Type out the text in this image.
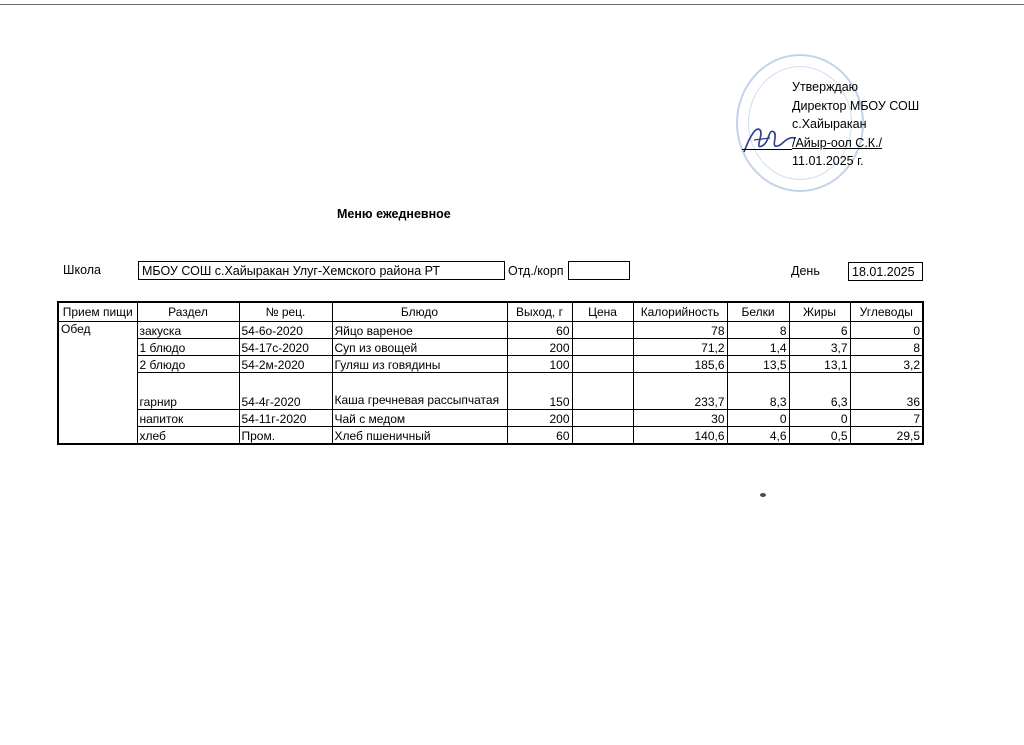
Утверждаю
Директор МБОУ СОШ
с.Хайыракан
/Айыр-оол С.К./
11.01.2025 г.
Меню ежедневное
Школа	МБОУ СОШ с.Хайыракан Улуг-Хемского района РТ	Отд./корп	День	18.01.2025
Прием пищи	Раздел	№ рец.	Блюдо	Выход, г	Цена	Калорийность	Белки	Жиры	Углеводы
Обед	закуска	54-6о-2020	Яйцо вареное	60		78	8	6	0
	1 блюдо	54-17с-2020	Суп из овощей	200		71,2	1,4	3,7	8
	2 блюдо	54-2м-2020	Гуляш из говядины	100		185,6	13,5	13,1	3,2
	гарнир	54-4г-2020	Каша гречневая рассыпчатая	150		233,7	8,3	6,3	36
	напиток	54-11г-2020	Чай с медом	200		30	0	0	7
	хлеб	Пром.	Хлеб пшеничный	60		140,6	4,6	0,5	29,5
